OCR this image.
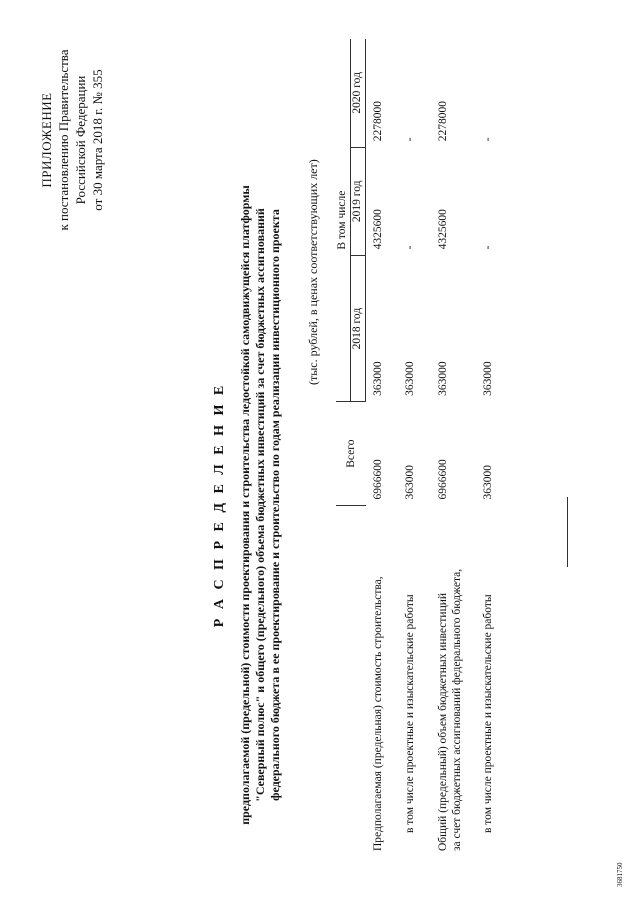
ПРИЛОЖЕНИЕ к постановлению Правительства Российской Федерации от 30 марта 2018 г. № 355
Р А С П Р Е Д Е Л Е Н И Е предполагаемой (предельной) стоимости проектирования и строительства ледостойкой самодвижущейся платформы "Северный полюс" и общего (предельного) объема бюджетных инвестиций за счет бюджетных ассигнований федерального бюджета в ее проектирование и строительство по годам реализации инвестиционного проекта (тыс. рублей, в ценах соответствующих лет)
	Всего	В том числе		
		2018 год	2019 год	2020 год
Предполагаемая (предельная) стоимость строительства,	6966600	363000	4325600	2278000
в том числе проектные и изыскательские работы	363000	363000	-	-

Общий (предельный) объем бюджетных инвестиций за счет бюджетных ассигнований федерального бюджета,	6966600	363000	4325600	2278000
в том числе проектные и изыскательские работы	363000	363000	-	-
3681750
